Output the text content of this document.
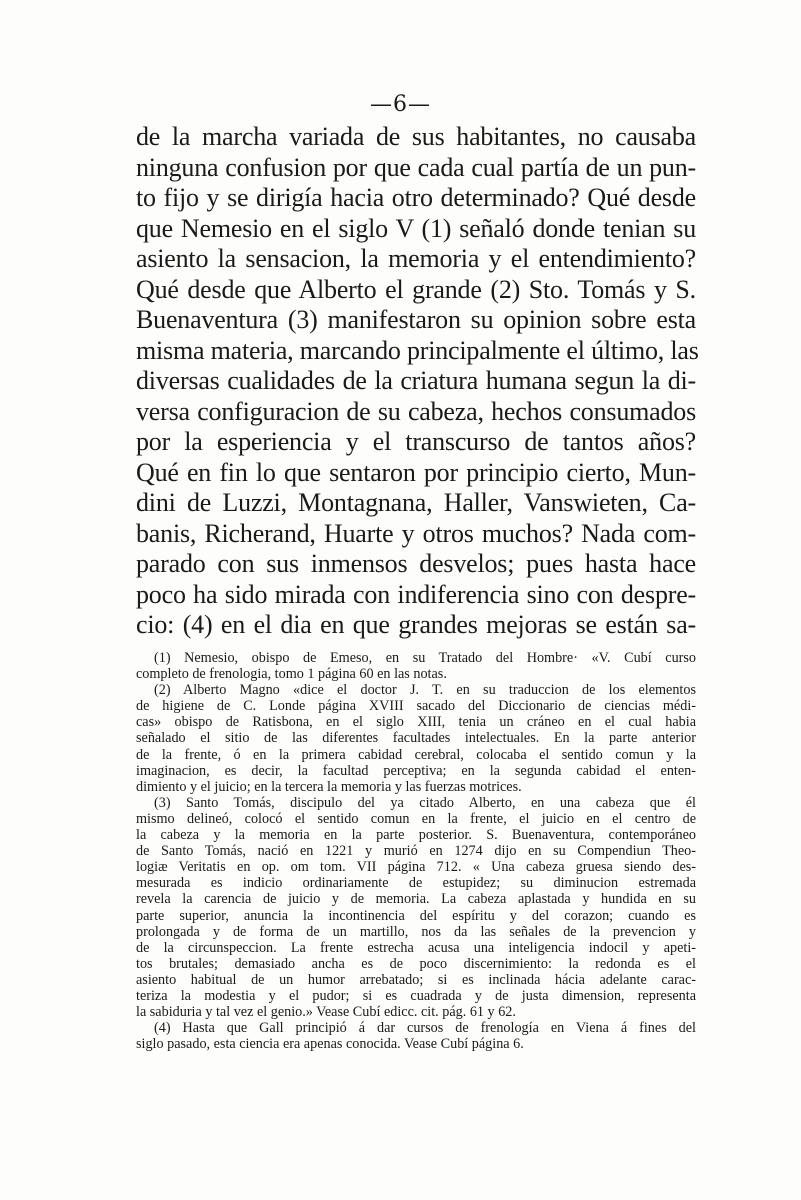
—6—
de la marcha variada de sus habitantes, no causaba
ninguna confusion por que cada cual partía de un pun-
to fijo y se dirigía hacia otro determinado? Qué desde
que Nemesio en el siglo V (1) señaló donde tenian su
asiento la sensacion, la memoria y el entendimiento?
Qué desde que Alberto el grande (2) Sto. Tomás y S.
Buenaventura (3) manifestaron su opinion sobre esta
misma materia, marcando principalmente el último, las
diversas cualidades de la criatura humana segun la di-
versa configuracion de su cabeza, hechos consumados
por la esperiencia y el transcurso de tantos años?
Qué en fin lo que sentaron por principio cierto, Mun-
dini de Luzzi, Montagnana, Haller, Vanswieten, Ca-
banis, Richerand, Huarte y otros muchos? Nada com-
parado con sus inmensos desvelos; pues hasta hace
poco ha sido mirada con indiferencia sino con despre-
cio: (4) en el dia en que grandes mejoras se están sa-
(1) Nemesio, obispo de Emeso, en su Tratado del Hombre· «V. Cubí curso
completo de frenologia, tomo 1 página 60 en las notas.
(2) Alberto Magno «dice el doctor J. T. en su traduccion de los elementos
de higiene de C. Londe página XVIII sacado del Diccionario de ciencias médi-
cas» obispo de Ratisbona, en el siglo XIII, tenia un cráneo en el cual habia
señalado el sitio de las diferentes facultades intelectuales. En la parte anterior
de la frente, ó en la primera cabidad cerebral, colocaba el sentido comun y la
imaginacion, es decir, la facultad perceptiva; en la segunda cabidad el enten-
dimiento y el juicio; en la tercera la memoria y las fuerzas motrices.
(3) Santo Tomás, discipulo del ya citado Alberto, en una cabeza que él
mismo delineó, colocó el sentido comun en la frente, el juicio en el centro de
la cabeza y la memoria en la parte posterior. S. Buenaventura, contemporáneo
de Santo Tomás, nació en 1221 y murió en 1274 dijo en su Compendiun Theo-
logiæ Veritatis en op. om tom. VII página 712. « Una cabeza gruesa siendo des-
mesurada es indicio ordinariamente de estupidez; su diminucion estremada
revela la carencia de juicio y de memoria. La cabeza aplastada y hundida en su
parte superior, anuncia la incontinencia del espíritu y del corazon; cuando es
prolongada y de forma de un martillo, nos da las señales de la prevencion y
de la circunspeccion. La frente estrecha acusa una inteligencia indocil y apeti-
tos brutales; demasiado ancha es de poco discernimiento: la redonda es el
asiento habitual de un humor arrebatado; si es inclinada hácia adelante carac-
teriza la modestia y el pudor; si es cuadrada y de justa dimension, representa
la sabiduria y tal vez el genio.» Vease Cubí edicc. cit. pág. 61 y 62.
(4) Hasta que Gall principió á dar cursos de frenología en Viena á fines del
siglo pasado, esta ciencia era apenas conocida. Vease Cubí página 6.
